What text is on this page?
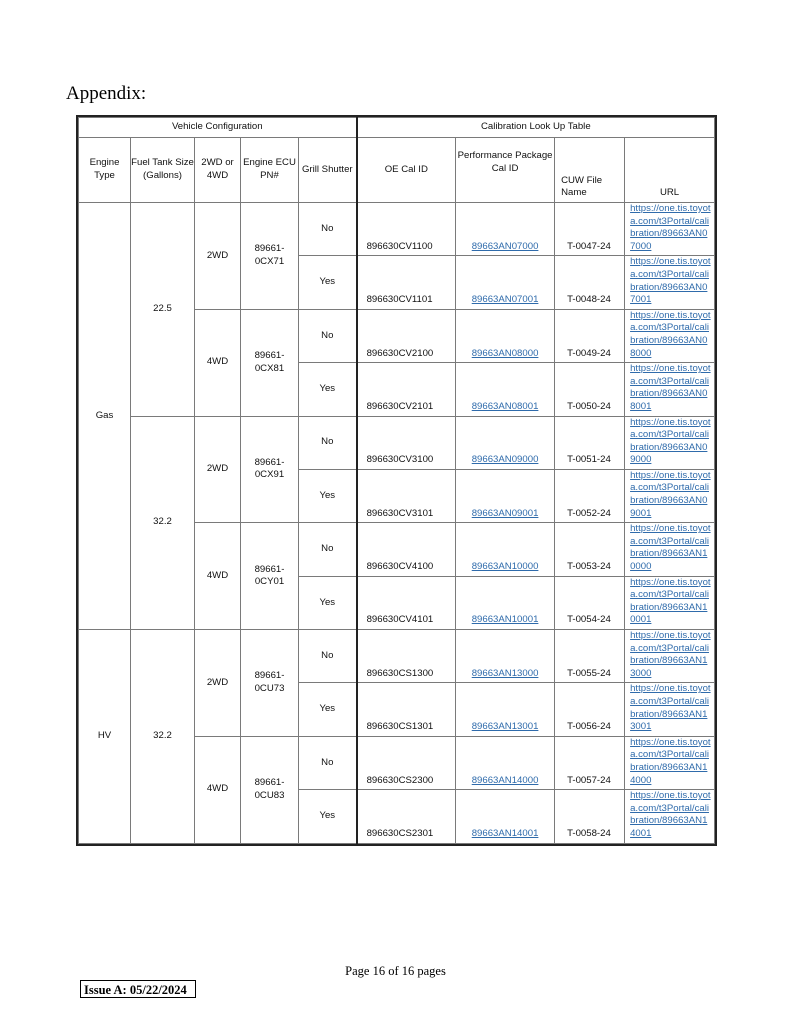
Appendix:
Vehicle Configuration					Calibration Look Up Table			
Engine Type	Fuel Tank Size (Gallons)	2WD or 4WD	Engine ECU PN#	Grill Shutter	OE Cal ID	Performance Package Cal ID	CUW File Name	URL
Gas	22.5	2WD	89661-0CX71	No	896630CV1100	89663AN07000	T-0047-24	https://one.tis.toyota.com/t3Portal/calibration/89663AN07000
				Yes	896630CV1101	89663AN07001	T-0048-24	https://one.tis.toyota.com/t3Portal/calibration/89663AN07001
		4WD	89661-0CX81	No	896630CV2100	89663AN08000	T-0049-24	https://one.tis.toyota.com/t3Portal/calibration/89663AN08000
				Yes	896630CV2101	89663AN08001	T-0050-24	https://one.tis.toyota.com/t3Portal/calibration/89663AN08001
	32.2	2WD	89661-0CX91	No	896630CV3100	89663AN09000	T-0051-24	https://one.tis.toyota.com/t3Portal/calibration/89663AN09000
				Yes	896630CV3101	89663AN09001	T-0052-24	https://one.tis.toyota.com/t3Portal/calibration/89663AN09001
		4WD	89661-0CY01	No	896630CV4100	89663AN10000	T-0053-24	https://one.tis.toyota.com/t3Portal/calibration/89663AN10000
				Yes	896630CV4101	89663AN10001	T-0054-24	https://one.tis.toyota.com/t3Portal/calibration/89663AN10001
HV	32.2	2WD	89661-0CU73	No	896630CS1300	89663AN13000	T-0055-24	https://one.tis.toyota.com/t3Portal/calibration/89663AN13000
				Yes	896630CS1301	89663AN13001	T-0056-24	https://one.tis.toyota.com/t3Portal/calibration/89663AN13001
		4WD	89661-0CU83	No	896630CS2300	89663AN14000	T-0057-24	https://one.tis.toyota.com/t3Portal/calibration/89663AN14000
				Yes	896630CS2301	89663AN14001	T-0058-24	https://one.tis.toyota.com/t3Portal/calibration/89663AN14001
Page 16 of 16 pages
Issue A: 05/22/2024
